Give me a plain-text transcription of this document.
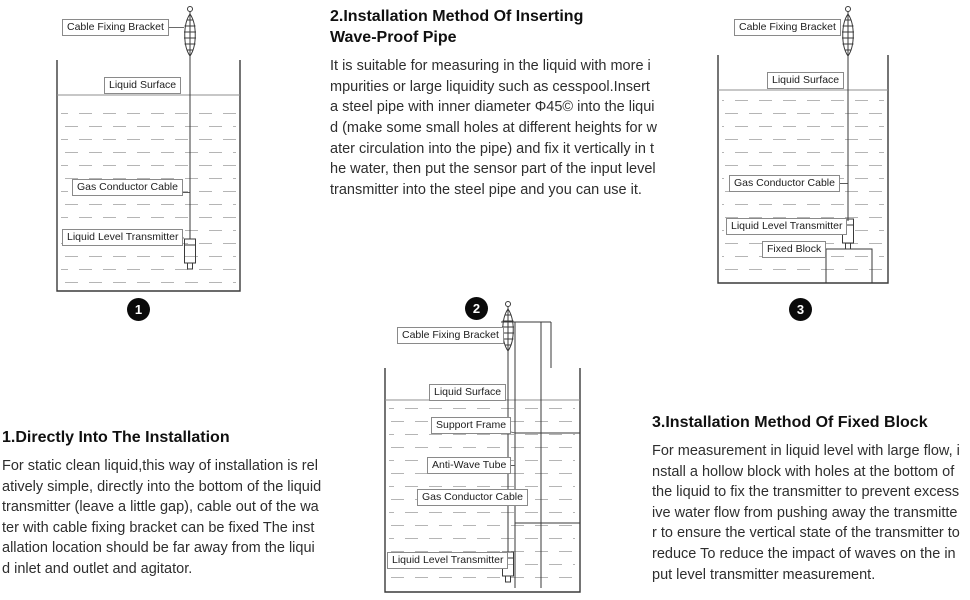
Cable Fixing Bracket
Liquid Surface
Gas Conductor Cable
Liquid Level Transmitter
1
Cable Fixing Bracket
Liquid Surface
Gas Conductor Cable
Liquid Level Transmitter
Fixed Block
3
Cable Fixing Bracket
Liquid Surface
Support Frame
Anti-Wave Tube
Gas Conductor Cable
Liquid Level Transmitter
2
2.Installation Method Of Inserting
Wave-Proof Pipe
It is suitable for measuring in the liquid with more impurities or large liquidity such as cesspool.Insert a steel pipe with inner diameter Φ45© into the liquid (make some small holes at different heights for water circulation into the pipe) and fix it vertically in the water, then put the sensor part of the input level transmitter into the steel pipe and you can use it.
1.Directly Into The Installation
For static clean liquid,this way of installation is relatively simple, directly into the bottom of the liquid transmitter (leave a little gap), cable out of the water with cable fixing bracket can be fixed The installation location should be far away from the liquid inlet and outlet and agitator.
3.Installation Method Of Fixed Block
For measurement in liquid level with large flow, install a hollow block with holes at the bottom of the liquid to fix the transmitter to prevent excessive water flow from pushing away the transmitter to ensure the vertical state of the transmitter to reduce To reduce the impact of waves on the input level transmitter measurement.
